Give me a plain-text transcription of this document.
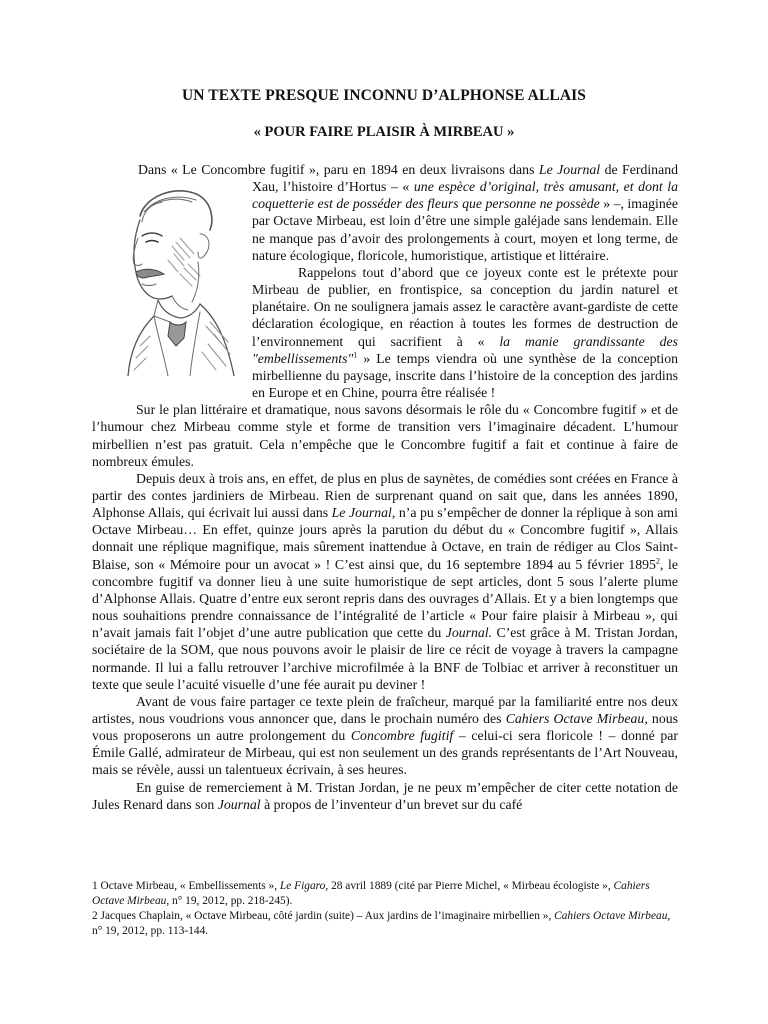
UN TEXTE PRESQUE INCONNU D’ALPHONSE ALLAIS
« POUR FAIRE PLAISIR À MIRBEAU »

Dans « Le Concombre fugitif », paru en 1894 en deux livraisons dans Le Journal
de Ferdinand Xau, l’histoire d’Hortus – « une espèce d’original, très amusant, et dont la coquetterie est de posséder des fleurs que personne ne possède » –, imaginée par Octave Mirbeau, est loin d’être une simple galéjade sans lendemain. Elle ne manque pas d’avoir des prolongements à court, moyen et long terme, de nature écologique, floricole, humoristique, artistique et littéraire.

Rappelons tout d’abord que ce joyeux conte est le prétexte pour Mirbeau de publier, en frontispice, sa conception du jardin naturel et planétaire. On ne soulignera jamais assez le caractère avant-gardiste de cette déclaration écologique, en réaction à toutes les formes de destruction de l’environnement qui sacrifient à « la manie grandissante des "embellissements"$^1$ » Le temps viendra où une synthèse de la conception mirbellienne du paysage, inscrite dans l’histoire de la conception des jardins en Europe et en Chine, pourra être réalisée !

Sur le plan littéraire et dramatique, nous savons désormais le rôle du « Concombre fugitif » et de l’humour chez Mirbeau comme style et forme de transition vers l’imaginaire décadent. L’humour mirbellien n’est pas gratuit. Cela n’empêche que le Concombre fugitif a fait et continue à faire de nombreux émules.

Depuis deux à trois ans, en effet, de plus en plus de saynètes, de comédies sont créées en France à partir des contes jardiniers de Mirbeau. Rien de surprenant quand on sait que, dans les années 1890, Alphonse Allais, qui écrivait lui aussi dans Le Journal, n’a pu s’empêcher de donner la réplique à son ami Octave Mirbeau… En effet, quinze jours après la parution du début du « Concombre fugitif », Allais donnait une réplique magnifique, mais sûrement inattendue à Octave, en train de rédiger au Clos Saint-Blaise, son « Mémoire pour un avocat » ! C’est ainsi que, du 16 septembre 1894 au 5 février 1895$^2$, le concombre fugitif va donner lieu à une suite humoristique de sept articles, dont 5 sous l’alerte plume d’Alphonse Allais. Quatre d’entre eux seront repris dans des ouvrages d’Allais. Et y a bien longtemps que nous souhaitions prendre connaissance de l’intégralité de l’article « Pour faire plaisir à Mirbeau », qui n’avait jamais fait l’objet d’une autre publication que cette du Journal. C’est grâce à M. Tristan Jordan, sociétaire de la SOM, que nous pouvons avoir le plaisir de lire ce récit de voyage à travers la campagne normande. Il lui a fallu retrouver l’archive microfilmée à la BNF de Tolbiac et arriver à reconstituer un texte que seule l’acuité visuelle d’une fée aurait pu deviner !

Avant de vous faire partager ce texte plein de fraîcheur, marqué par la familiarité entre nos deux artistes, nous voudrions vous annoncer que, dans le prochain numéro des Cahiers Octave Mirbeau, nous vous proposerons un autre prolongement du Concombre fugitif – celui-ci sera floricole ! – donné par Émile Gallé, admirateur de Mirbeau, qui est non seulement un des grands représentants de l’Art Nouveau, mais se révèle, aussi un talentueux écrivain, à ses heures.

En guise de remerciement à M. Tristan Jordan, je ne peux m’empêcher de citer cette notation de Jules Renard dans son Journal à propos de l’inventeur d’un brevet sur du café

1 Octave Mirbeau, « Embellissements », Le Figaro, 28 avril 1889 (cité par Pierre Michel, « Mirbeau écologiste », Cahiers Octave Mirbeau, n° 19, 2012, pp. 218-245).

2 Jacques Chaplain, « Octave Mirbeau, côté jardin (suite) – Aux jardins de l’imaginaire mirbellien », Cahiers Octave Mirbeau, n° 19, 2012, pp. 113-144.
